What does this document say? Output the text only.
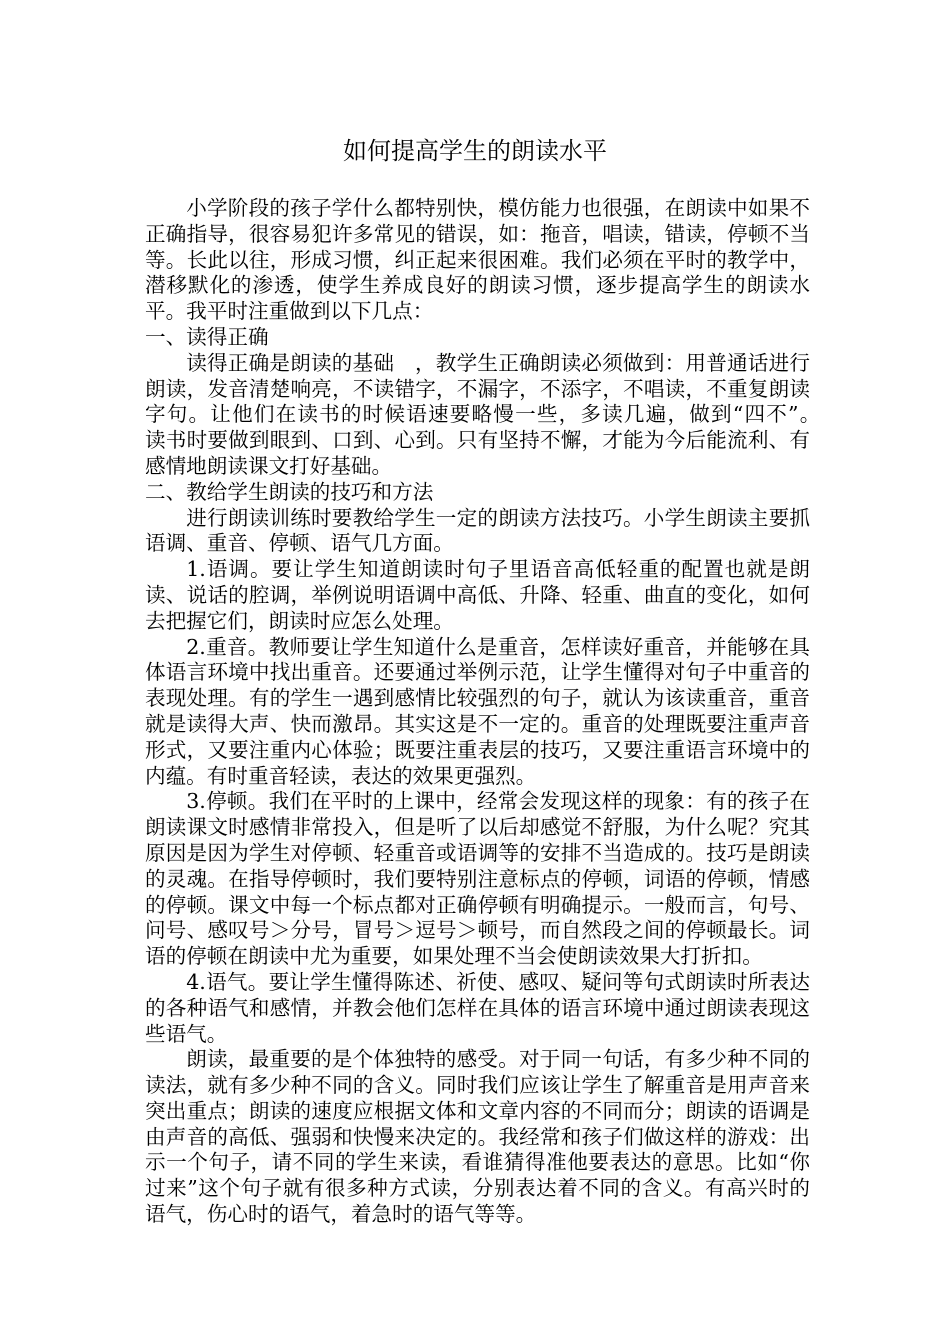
如何提高学生的朗读水平

小学阶段的孩子学什么都特别快，模仿能力也很强，在朗读中如果不正确指导，很容易犯许多常见的错误，如：拖音，唱读，错读，停顿不当等。长此以往，形成习惯，纠正起来很困难。我们必须在平时的教学中，潜移默化的渗透，使学生养成良好的朗读习惯，逐步提高学生的朗读水平。我平时注重做到以下几点：

一、读得正确

读得正确是朗读的基础　，教学生正确朗读必须做到：用普通话进行朗读，发音清楚响亮，不读错字，不漏字，不添字，不唱读，不重复朗读字句。让他们在读书的时候语速要略慢一些，多读几遍，做到“四不”。　读书时要做到眼到、口到、心到。只有坚持不懈，才能为今后能流利、有感情地朗读课文打好基础。

二、教给学生朗读的技巧和方法

进行朗读训练时要教给学生一定的朗读方法技巧。小学生朗读主要抓语调、重音、停顿、语气几方面。

1.语调。要让学生知道朗读时句子里语音高低轻重的配置也就是朗读、说话的腔调，举例说明语调中高低、升降、轻重、曲直的变化，如何去把握它们，朗读时应怎么处理。

2.重音。教师要让学生知道什么是重音，怎样读好重音，并能够在具体语言环境中找出重音。还要通过举例示范，让学生懂得对句子中重音的表现处理。有的学生一遇到感情比较强烈的句子，就认为该读重音，重音就是读得大声、快而激昂。其实这是不一定的。重音的处理既要注重声音形式，又要注重内心体验；既要注重表层的技巧，又要注重语言环境中的内蕴。有时重音轻读，表达的效果更强烈。

3.停顿。我们在平时的上课中，经常会发现这样的现象：有的孩子在朗读课文时感情非常投入，但是听了以后却感觉不舒服，为什么呢？究其原因是因为学生对停顿、轻重音或语调等的安排不当造成的。技巧是朗读的灵魂。在指导停顿时，我们要特别注意标点的停顿，词语的停顿，情感的停顿。课文中每一个标点都对正确停顿有明确提示。一般而言，句号、问号、感叹号＞分号，冒号＞逗号＞顿号，而自然段之间的停顿最长。词语的停顿在朗读中尤为重要，如果处理不当会使朗读效果大打折扣。

4.语气。要让学生懂得陈述、祈使、感叹、疑问等句式朗读时所表达的各种语气和感情，并教会他们怎样在具体的语言环境中通过朗读表现这些语气。

朗读，最重要的是个体独特的感受。对于同一句话，有多少种不同的读法，就有多少种不同的含义。同时我们应该让学生了解重音是用声音来突出重点；朗读的速度应根据文体和文章内容的不同而分；朗读的语调是由声音的高低、强弱和快慢来决定的。我经常和孩子们做这样的游戏：出示一个句子，请不同的学生来读，看谁猜得准他要表达的意思。比如“你过来”这个句子就有很多种方式读，分别表达着不同的含义。有高兴时的语气，伤心时的语气，着急时的语气等等。
